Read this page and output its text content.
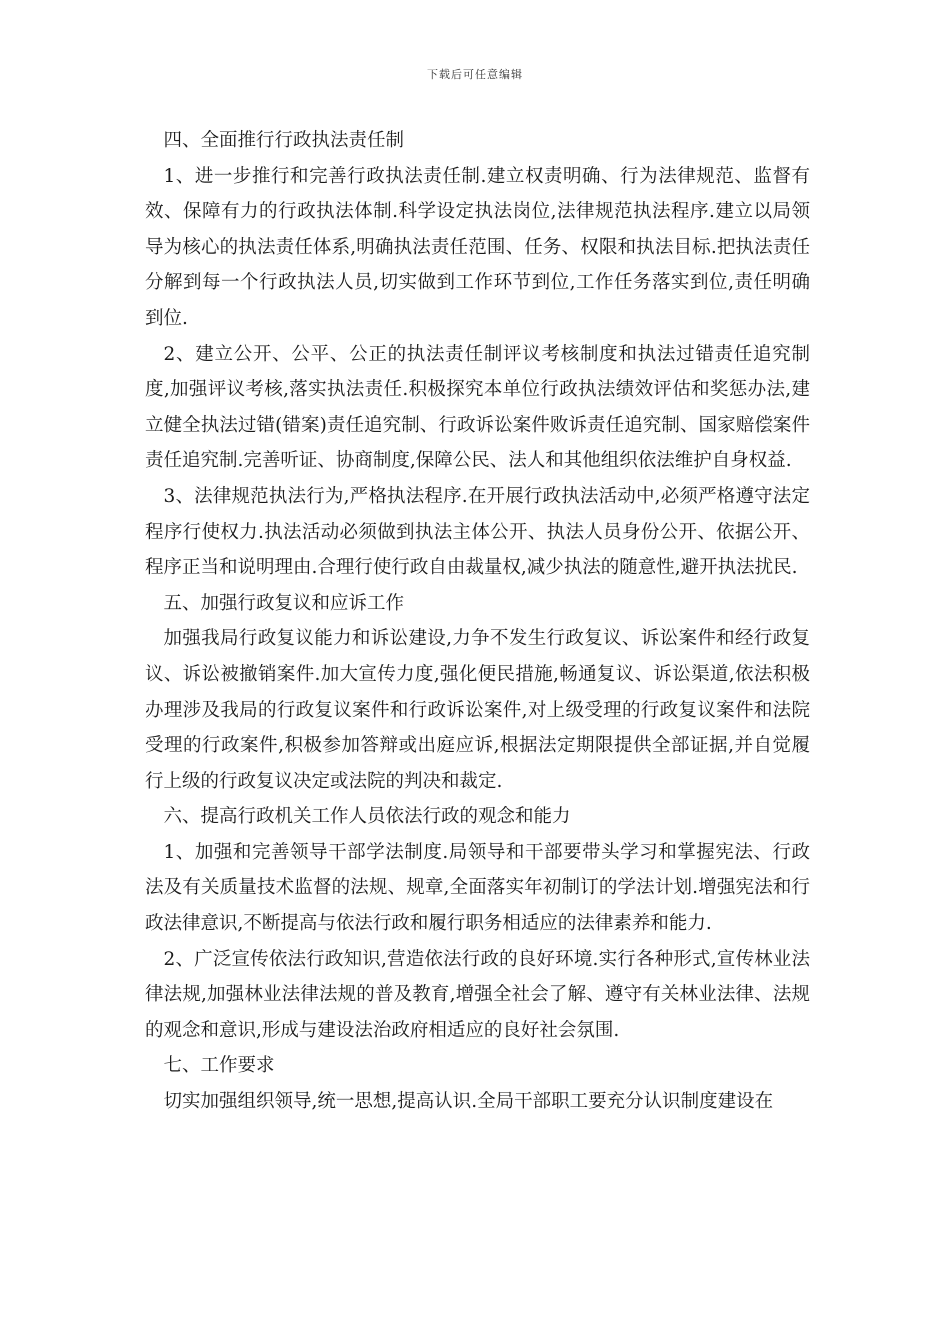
下载后可任意编辑

四、全面推行行政执法责任制

1、进一步推行和完善行政执法责任制.建立权责明确、行为法律规范、监督有效、保障有力的行政执法体制.科学设定执法岗位,法律规范执法程序.建立以局领导为核心的执法责任体系,明确执法责任范围、任务、权限和执法目标.把执法责任分解到每一个行政执法人员,切实做到工作环节到位,工作任务落实到位,责任明确到位.

2、建立公开、公平、公正的执法责任制评议考核制度和执法过错责任追究制度,加强评议考核,落实执法责任.积极探究本单位行政执法绩效评估和奖惩办法,建立健全执法过错(错案)责任追究制、行政诉讼案件败诉责任追究制、国家赔偿案件责任追究制.完善听证、协商制度,保障公民、法人和其他组织依法维护自身权益.

3、法律规范执法行为,严格执法程序.在开展行政执法活动中,必须严格遵守法定程序行使权力.执法活动必须做到执法主体公开、执法人员身份公开、依据公开、程序正当和说明理由.合理行使行政自由裁量权,减少执法的随意性,避开执法扰民.

五、加强行政复议和应诉工作

加强我局行政复议能力和诉讼建设,力争不发生行政复议、诉讼案件和经行政复议、诉讼被撤销案件.加大宣传力度,强化便民措施,畅通复议、诉讼渠道,依法积极办理涉及我局的行政复议案件和行政诉讼案件,对上级受理的行政复议案件和法院受理的行政案件,积极参加答辩或出庭应诉,根据法定期限提供全部证据,并自觉履行上级的行政复议决定或法院的判决和裁定.

六、提高行政机关工作人员依法行政的观念和能力

1、加强和完善领导干部学法制度.局领导和干部要带头学习和掌握宪法、行政法及有关质量技术监督的法规、规章,全面落实年初制订的学法计划.增强宪法和行政法律意识,不断提高与依法行政和履行职务相适应的法律素养和能力.

2、广泛宣传依法行政知识,营造依法行政的良好环境.实行各种形式,宣传林业法律法规,加强林业法律法规的普及教育,增强全社会了解、遵守有关林业法律、法规的观念和意识,形成与建设法治政府相适应的良好社会氛围.

七、工作要求

切实加强组织领导,统一思想,提高认识.全局干部职工要充分认识制度建设在
